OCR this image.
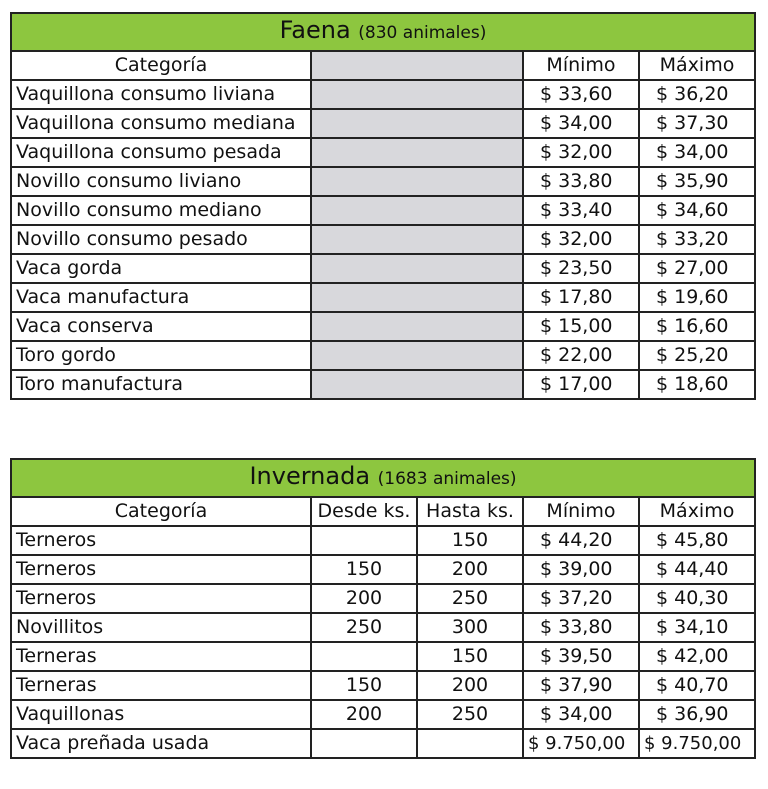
Faena (830 animales)			
Categoría		Mínimo	Máximo
Vaquillona consumo liviana		$ 33,60	$ 36,20
Vaquillona consumo mediana		$ 34,00	$ 37,30
Vaquillona consumo pesada		$ 32,00	$ 34,00
Novillo consumo liviano		$ 33,80	$ 35,90
Novillo consumo mediano		$ 33,40	$ 34,60
Novillo consumo pesado		$ 32,00	$ 33,20
Vaca gorda		$ 23,50	$ 27,00
Vaca manufactura		$ 17,80	$ 19,60
Vaca conserva		$ 15,00	$ 16,60
Toro gordo		$ 22,00	$ 25,20
Toro manufactura		$ 17,00	$ 18,60
Invernada (1683 animales)				
Categoría	Desde ks.	Hasta ks.	Mínimo	Máximo
Terneros		150	$ 44,20	$ 45,80
Terneros	150	200	$ 39,00	$ 44,40
Terneros	200	250	$ 37,20	$ 40,30
Novillitos	250	300	$ 33,80	$ 34,10
Terneras		150	$ 39,50	$ 42,00
Terneras	150	200	$ 37,90	$ 40,70
Vaquillonas	200	250	$ 34,00	$ 36,90
Vaca preñada usada			$ 9.750,00	$ 9.750,00
